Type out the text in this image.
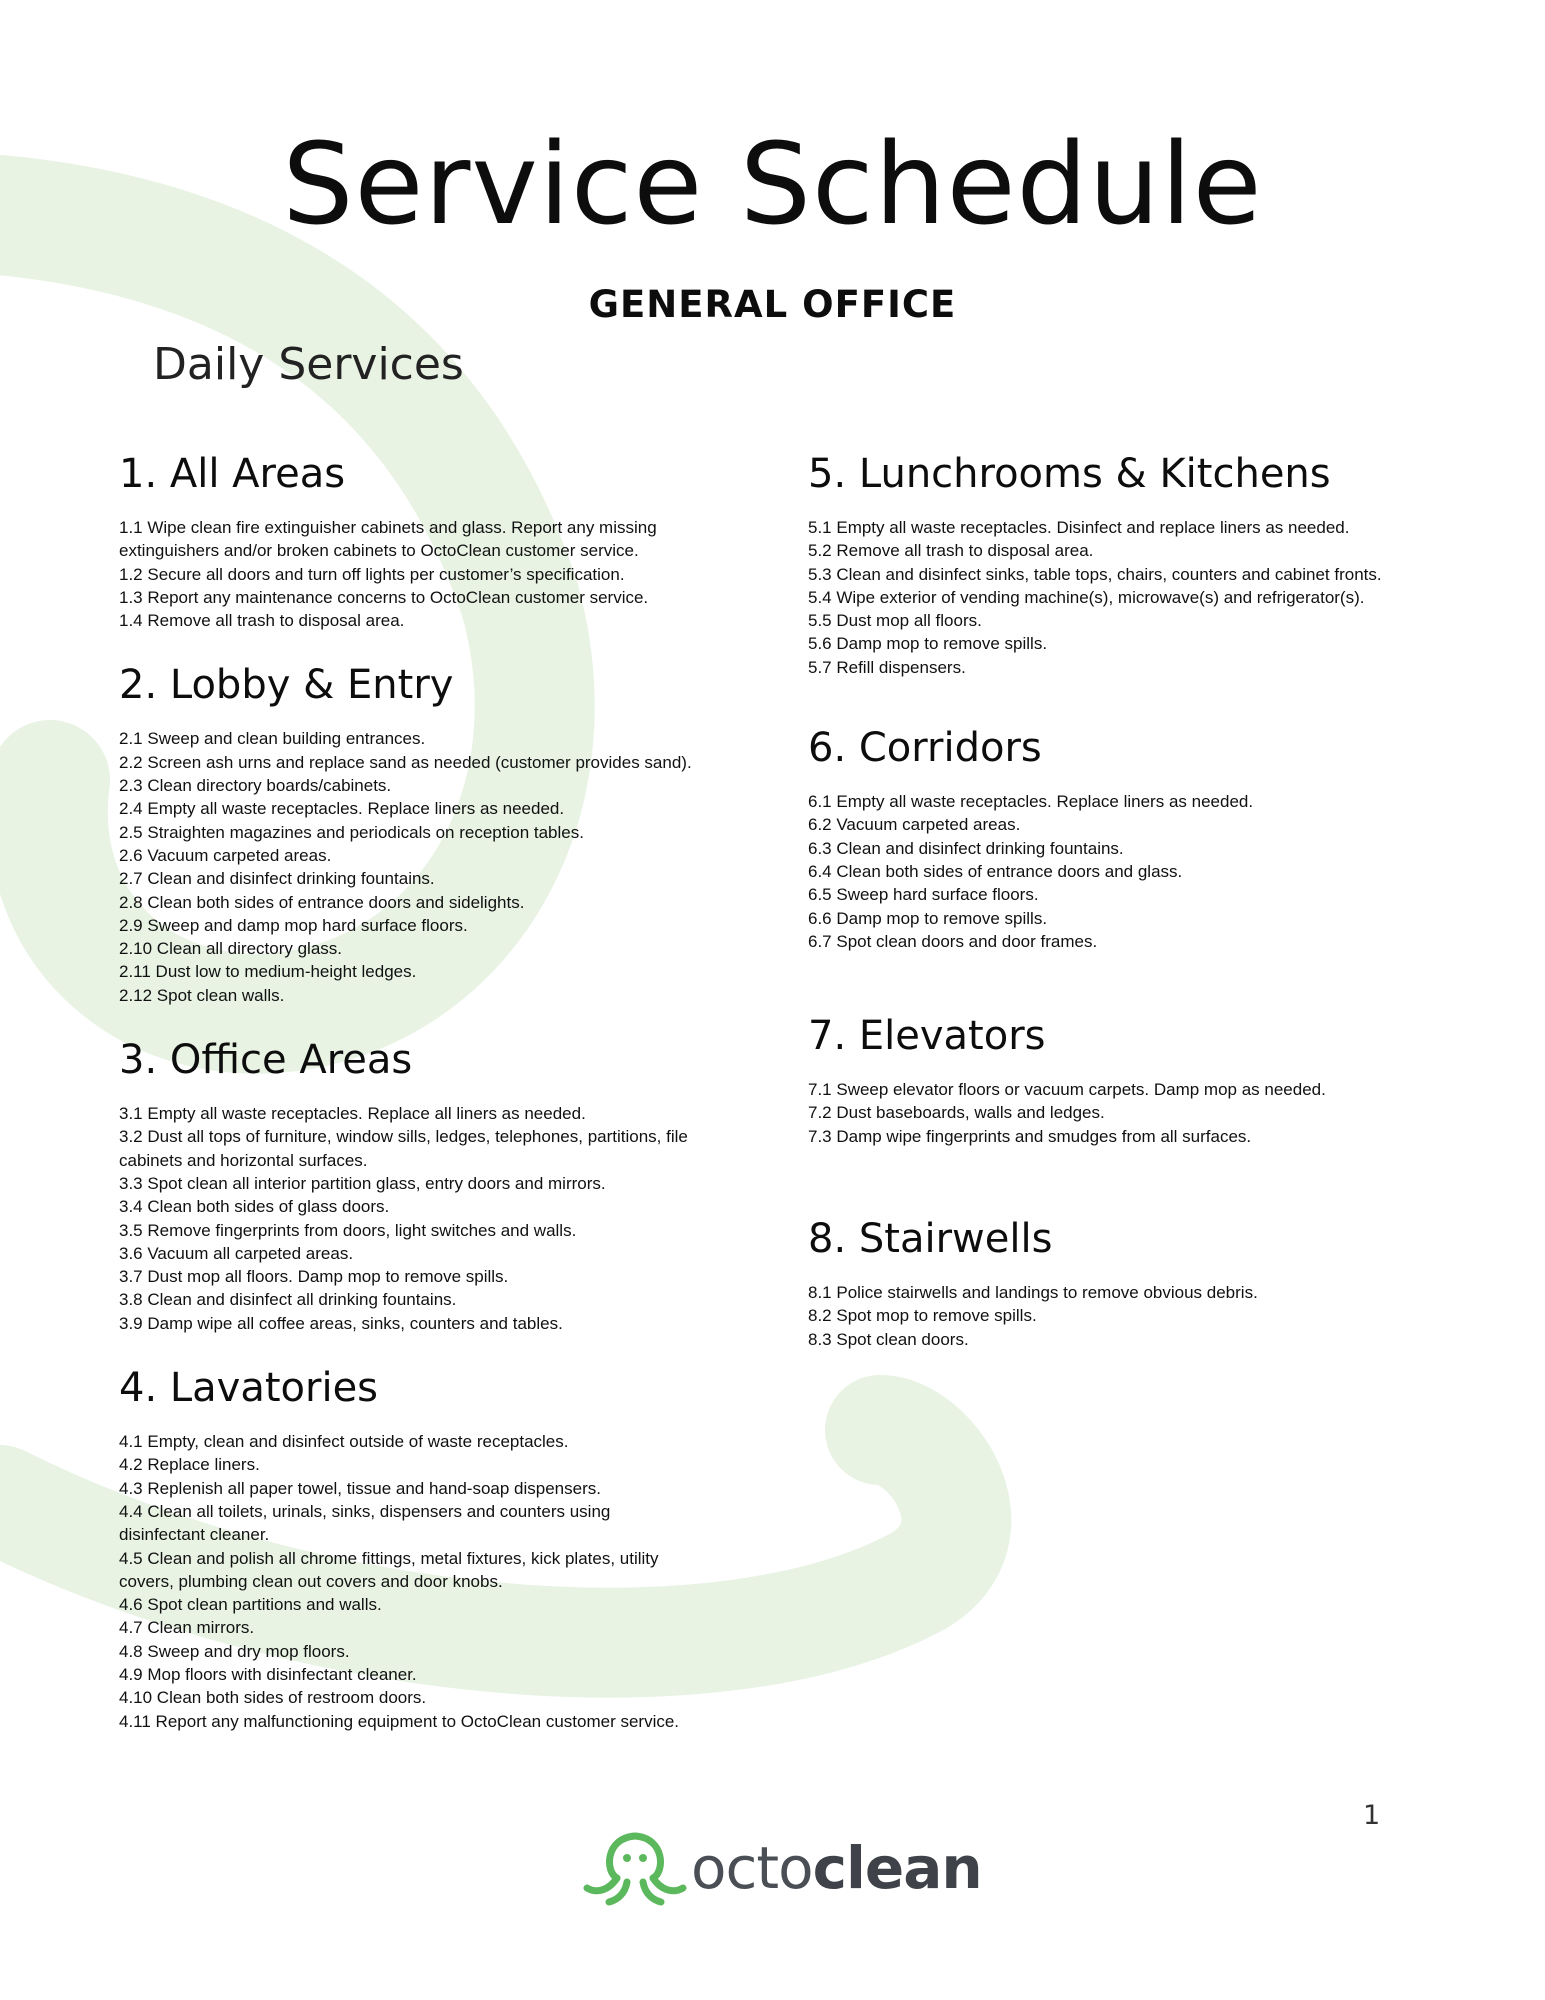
Service Schedule
GENERAL OFFICE
Daily Services
1. All Areas
1.1 Wipe clean fire extinguisher cabinets and glass. Report any missing extinguishers and/or broken cabinets to OctoClean customer service.
1.2 Secure all doors and turn off lights per customer’s specification.
1.3 Report any maintenance concerns to OctoClean customer service.
1.4 Remove all trash to disposal area.
2. Lobby & Entry
2.1 Sweep and clean building entrances.
2.2 Screen ash urns and replace sand as needed (customer provides sand).
2.3 Clean directory boards/cabinets.
2.4 Empty all waste receptacles. Replace liners as needed.
2.5 Straighten magazines and periodicals on reception tables.
2.6 Vacuum carpeted areas.
2.7 Clean and disinfect drinking fountains.
2.8 Clean both sides of entrance doors and sidelights.
2.9 Sweep and damp mop hard surface floors.
2.10 Clean all directory glass.
2.11 Dust low to medium-height ledges.
2.12 Spot clean walls.
3. Office Areas
3.1 Empty all waste receptacles. Replace all liners as needed.
3.2 Dust all tops of furniture, window sills, ledges, telephones, partitions, file cabinets and horizontal surfaces.
3.3 Spot clean all interior partition glass, entry doors and mirrors.
3.4 Clean both sides of glass doors.
3.5 Remove fingerprints from doors, light switches and walls.
3.6 Vacuum all carpeted areas.
3.7 Dust mop all floors. Damp mop to remove spills.
3.8 Clean and disinfect all drinking fountains.
3.9 Damp wipe all coffee areas, sinks, counters and tables.
4. Lavatories
4.1 Empty, clean and disinfect outside of waste receptacles.
4.2 Replace liners.
4.3 Replenish all paper towel, tissue and hand-soap dispensers.
4.4 Clean all toilets, urinals, sinks, dispensers and counters using disinfectant cleaner.
4.5 Clean and polish all chrome fittings, metal fixtures, kick plates, utility covers, plumbing clean out covers and door knobs.
4.6 Spot clean partitions and walls.
4.7 Clean mirrors.
4.8 Sweep and dry mop floors.
4.9 Mop floors with disinfectant cleaner.
4.10 Clean both sides of restroom doors.
4.11 Report any malfunctioning equipment to OctoClean customer service.
5. Lunchrooms & Kitchens
5.1 Empty all waste receptacles. Disinfect and replace liners as needed.
5.2 Remove all trash to disposal area.
5.3 Clean and disinfect sinks, table tops, chairs, counters and cabinet fronts.
5.4 Wipe exterior of vending machine(s), microwave(s) and refrigerator(s).
5.5 Dust mop all floors.
5.6 Damp mop to remove spills.
5.7 Refill dispensers.
6. Corridors
6.1 Empty all waste receptacles. Replace liners as needed.
6.2 Vacuum carpeted areas.
6.3 Clean and disinfect drinking fountains.
6.4 Clean both sides of entrance doors and glass.
6.5 Sweep hard surface floors.
6.6 Damp mop to remove spills.
6.7 Spot clean doors and door frames.
7. Elevators
7.1 Sweep elevator floors or vacuum carpets. Damp mop as needed.
7.2 Dust baseboards, walls and ledges.
7.3 Damp wipe fingerprints and smudges from all surfaces.
8. Stairwells
8.1 Police stairwells and landings to remove obvious debris.
8.2 Spot mop to remove spills.
8.3 Spot clean doors.
1
octoclean
